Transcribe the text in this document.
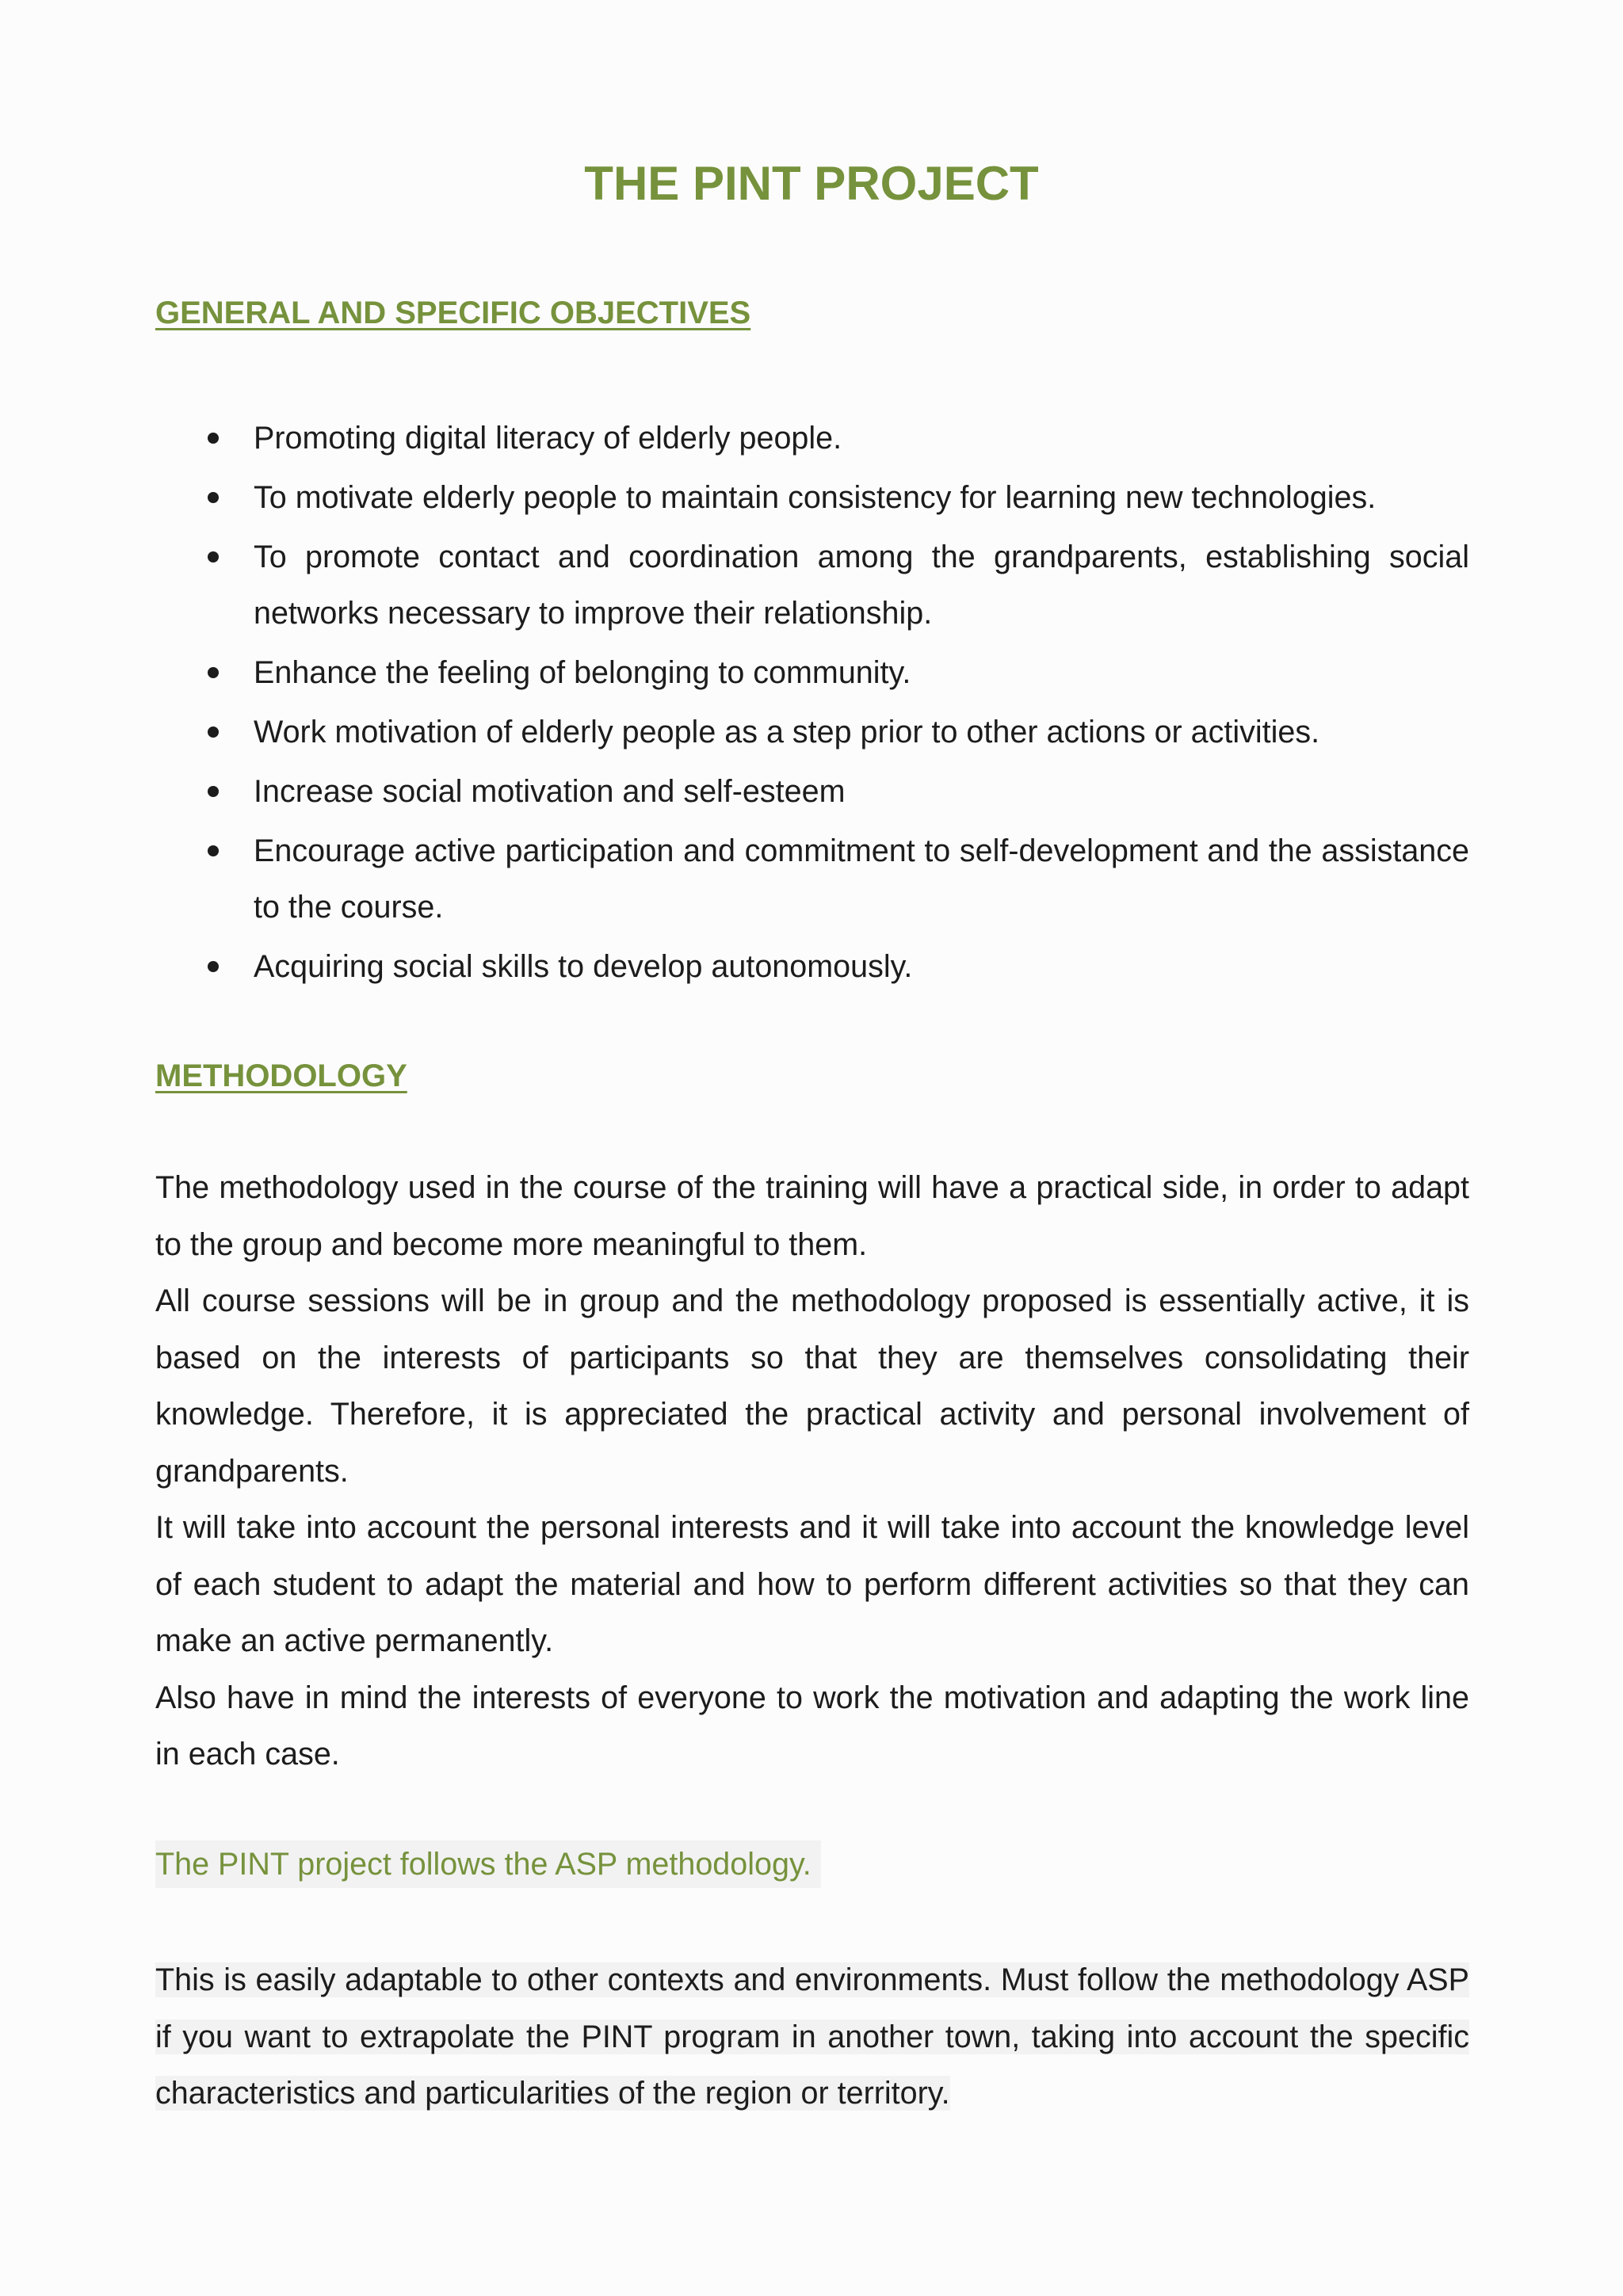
THE PINT PROJECT
GENERAL AND SPECIFIC OBJECTIVES
Promoting digital literacy of elderly people.
To motivate elderly people to maintain consistency for learning new technologies.
To promote contact and coordination among the grandparents, establishing social networks necessary to improve their relationship.
Enhance the feeling of belonging to community.
Work motivation of elderly people as a step prior to other actions or activities.
Increase social motivation and self-esteem
Encourage active participation and commitment to self-development and the assistance to the course.
Acquiring social skills to develop autonomously.
METHODOLOGY

The methodology used in the course of the training will have a practical side, in order to adapt to the group and become more meaningful to them.

All course sessions will be in group and the methodology proposed is essentially active, it is based on the interests of participants so that they are themselves consolidating their knowledge. Therefore, it is appreciated the practical activity and personal involvement of grandparents.

It will take into account the personal interests and it will take into account the knowledge level of each student to adapt the material and how to perform different activities so that they can make an active permanently.

Also have in mind the interests of everyone to work the motivation and adapting the work line in each case.

The PINT project follows the ASP methodology.
This is easily adaptable to other contexts and environments. Must follow the methodology ASP if you want to extrapolate the PINT program in another town, taking into account the specific characteristics and particularities of the region or territory.
